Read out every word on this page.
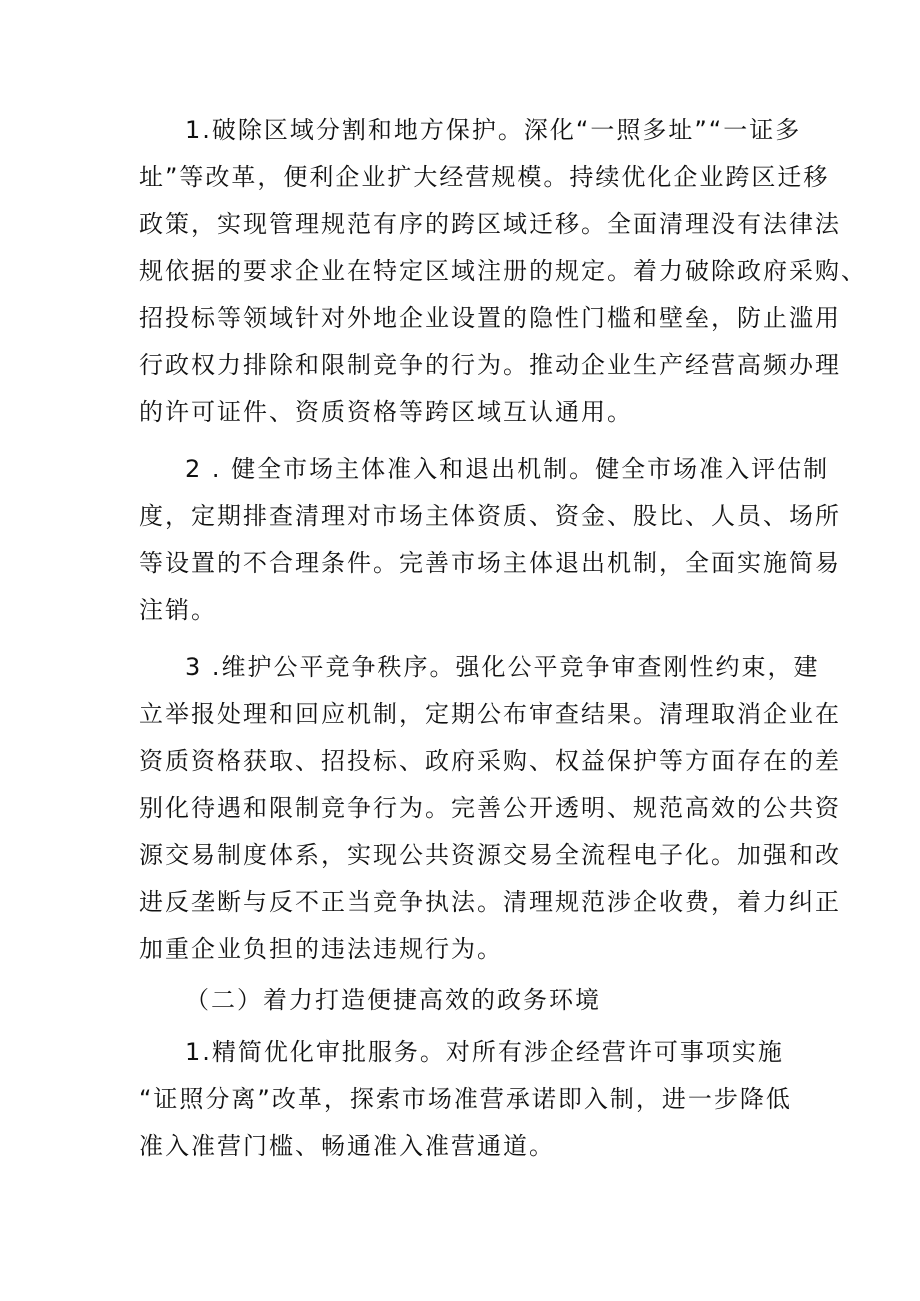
1.破除区域分割和地方保护。深化“一照多址”“一证多

址”等改革，便利企业扩大经营规模。持续优化企业跨区迁移

政策，实现管理规范有序的跨区域迁移。全面清理没有法律法

规依据的要求企业在特定区域注册的规定。着力破除政府采购、

招投标等领域针对外地企业设置的隐性门槛和壁垒，防止滥用

行政权力排除和限制竞争的行为。推动企业生产经营高频办理

的许可证件、资质资格等跨区域互认通用。

2 . 健全市场主体准入和退出机制。健全市场准入评估制

度，定期排查清理对市场主体资质、资金、股比、人员、场所

等设置的不合理条件。完善市场主体退出机制，全面实施简易

注销。

3 .维护公平竞争秩序。强化公平竞争审查刚性约束，建

立举报处理和回应机制，定期公布审查结果。清理取消企业在

资质资格获取、招投标、政府采购、权益保护等方面存在的差

别化待遇和限制竞争行为。完善公开透明、规范高效的公共资

源交易制度体系，实现公共资源交易全流程电子化。加强和改

进反垄断与反不正当竞争执法。清理规范涉企收费，着力纠正

加重企业负担的违法违规行为。

（二）着力打造便捷高效的政务环境

1.精简优化审批服务。对所有涉企经营许可事项实施

“证照分离”改革，探索市场准营承诺即入制，进一步降低

准入准营门槛、畅通准入准营通道。
